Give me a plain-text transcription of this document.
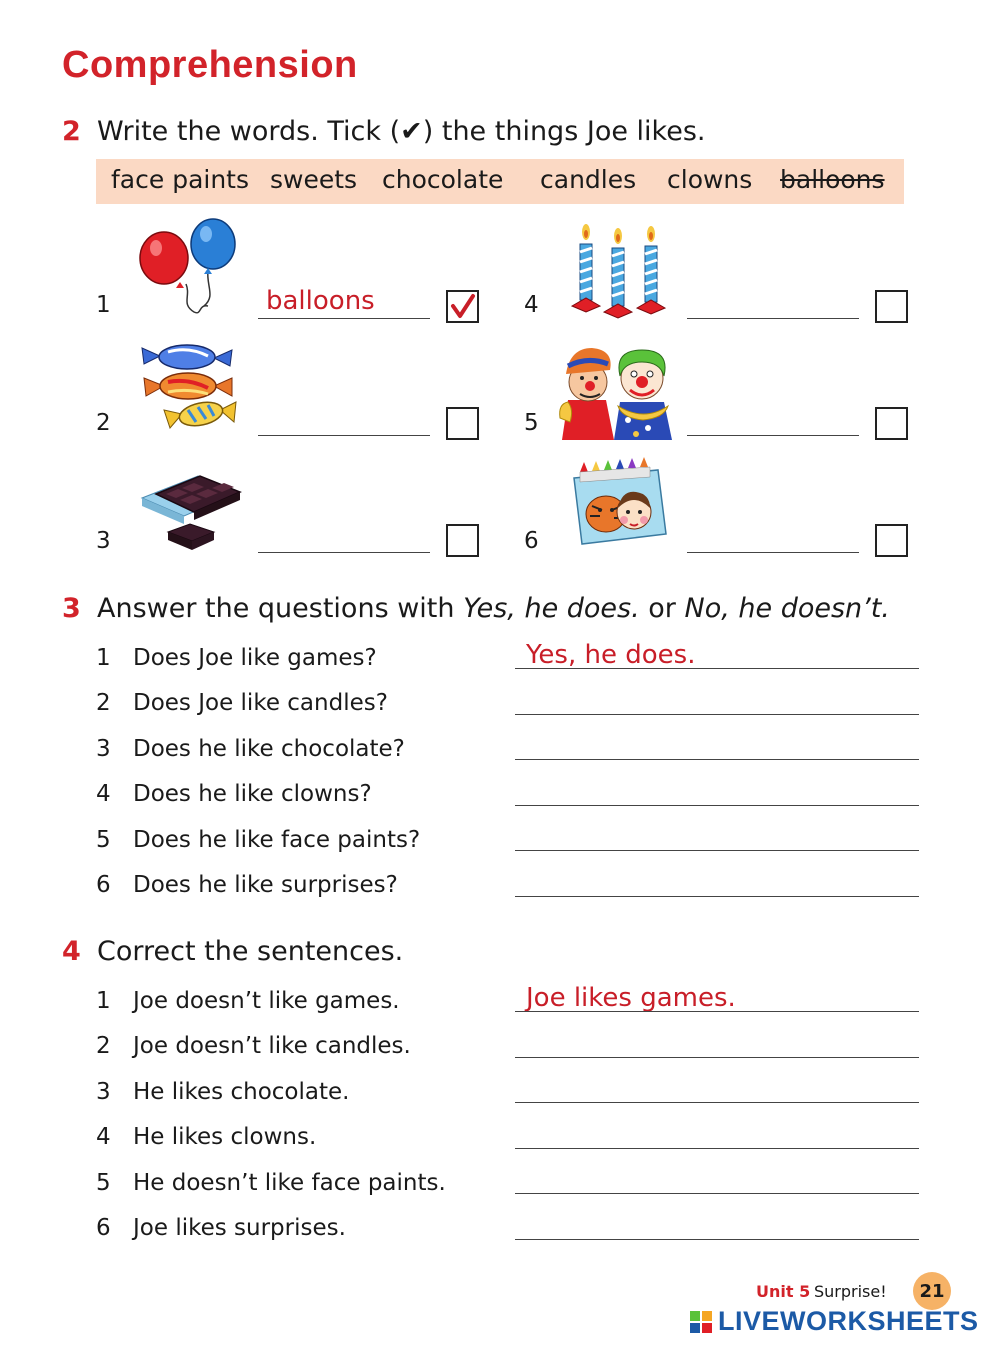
Comprehension
2 Write the words. Tick (✔) the things Joe likes.
face paints sweets chocolate candles clowns balloons
1	balloons
2
3
4
5
6
3 Answer the questions with Yes, he does. or No, he doesn’t.
1 Does Joe like games?	Yes, he does.
2 Does Joe like candles?
3 Does he like chocolate?
4 Does he like clowns?
5 Does he like face paints?
6 Does he like surprises?
4 Correct the sentences.
1 Joe doesn’t like games.	Joe likes games.
2 Joe doesn’t like candles.
3 He likes chocolate.
4 He likes clowns.
5 He doesn’t like face paints.
6 Joe likes surprises.
Unit 5 Surprise!	21
LIVEWORKSHEETS
